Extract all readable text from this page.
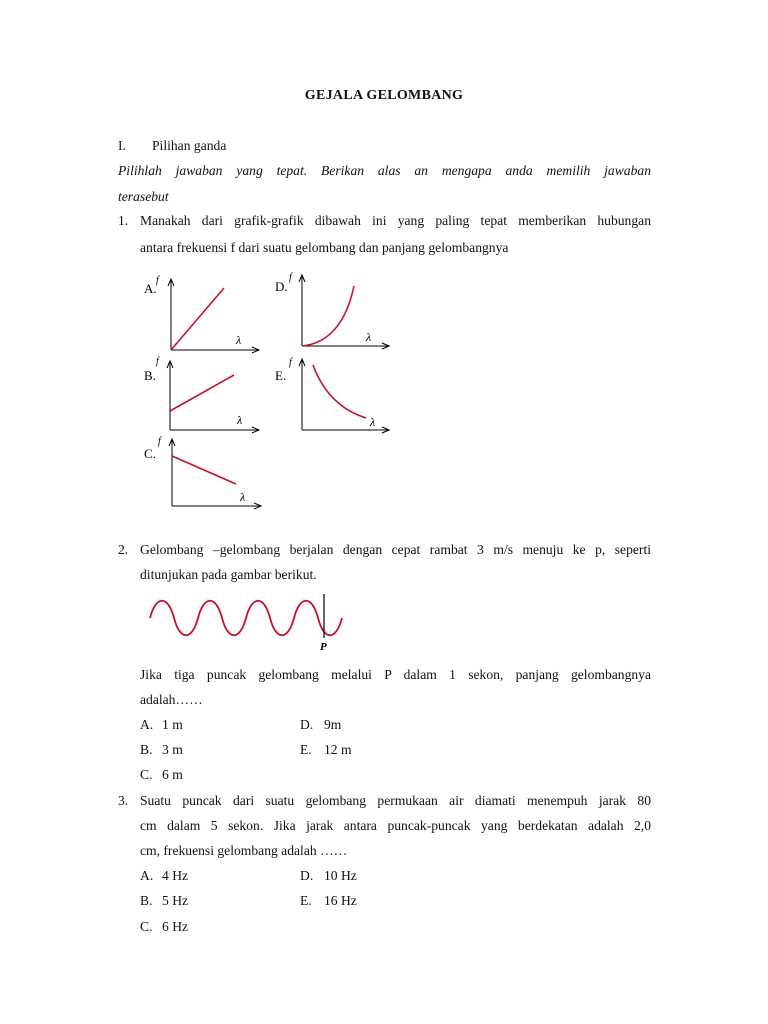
GEJALA GELOMBANG
I. Pilihan ganda
Pilihlah jawaban yang tepat. Berikan alas an mengapa anda memilih jawaban
terasebut
1. Manakah dari grafik-grafik dibawah ini yang paling tepat memberikan hubungan
antara frekuensi f dari suatu gelombang dan panjang gelombangnya
A.
f
λ
B.
f
λ
C.
f
λ
D.
f
λ
E.
f
λ
2. Gelombang –gelombang berjalan dengan cepat rambat 3 m/s menuju ke p, seperti
ditunjukan pada gambar berikut.
P
Jika tiga puncak gelombang melalui P dalam 1 sekon, panjang gelombangnya
adalah……
A. 1 m
B. 3 m
C. 6 m
D. 9m
E. 12 m
3. Suatu puncak dari suatu gelombang permukaan air diamati menempuh jarak 80
cm dalam 5 sekon. Jika jarak antara puncak-puncak yang berdekatan adalah 2,0
cm, frekuensi gelombang adalah ……
A. 4 Hz
B. 5 Hz
C. 6 Hz
D. 10 Hz
E. 16 Hz
